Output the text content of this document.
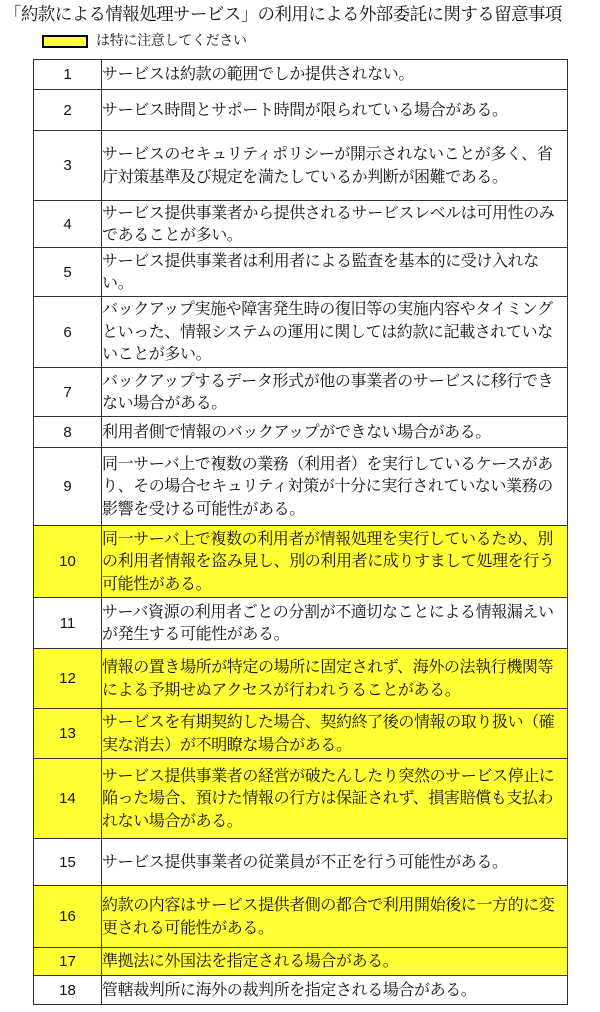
「約款による情報処理サービス」の利用による外部委託に関する留意事項
は特に注意してください
1	サービスは約款の範囲でしか提供されない。
2	サービス時間とサポート時間が限られている場合がある。
3	サービスのセキュリティポリシーが開示されないことが多く、省庁対策基準及び規定を満たしているか判断が困難である。
4	サービス提供事業者から提供されるサービスレベルは可用性のみであることが多い。
5	サービス提供事業者は利用者による監査を基本的に受け入れない。
6	バックアップ実施や障害発生時の復旧等の実施内容やタイミングといった、情報システムの運用に関しては約款に記載されていないことが多い。
7	バックアップするデータ形式が他の事業者のサービスに移行できない場合がある。
8	利用者側で情報のバックアップができない場合がある。
9	同一サーバ上で複数の業務（利用者）を実行しているケースがあり、その場合セキュリティ対策が十分に実行されていない業務の影響を受ける可能性がある。
10	同一サーバ上で複数の利用者が情報処理を実行しているため、別の利用者情報を盗み見し、別の利用者に成りすまして処理を行う可能性がある。
11	サーバ資源の利用者ごとの分割が不適切なことによる情報漏えいが発生する可能性がある。
12	情報の置き場所が特定の場所に固定されず、海外の法執行機関等による予期せぬアクセスが行われうることがある。
13	サービスを有期契約した場合、契約終了後の情報の取り扱い（確実な消去）が不明瞭な場合がある。
14	サービス提供事業者の経営が破たんしたり突然のサービス停止に陥った場合、預けた情報の行方は保証されず、損害賠償も支払われない場合がある。
15	サービス提供事業者の従業員が不正を行う可能性がある。
16	約款の内容はサービス提供者側の都合で利用開始後に一方的に変更される可能性がある。
17	準拠法に外国法を指定される場合がある。
18	管轄裁判所に海外の裁判所を指定される場合がある。
